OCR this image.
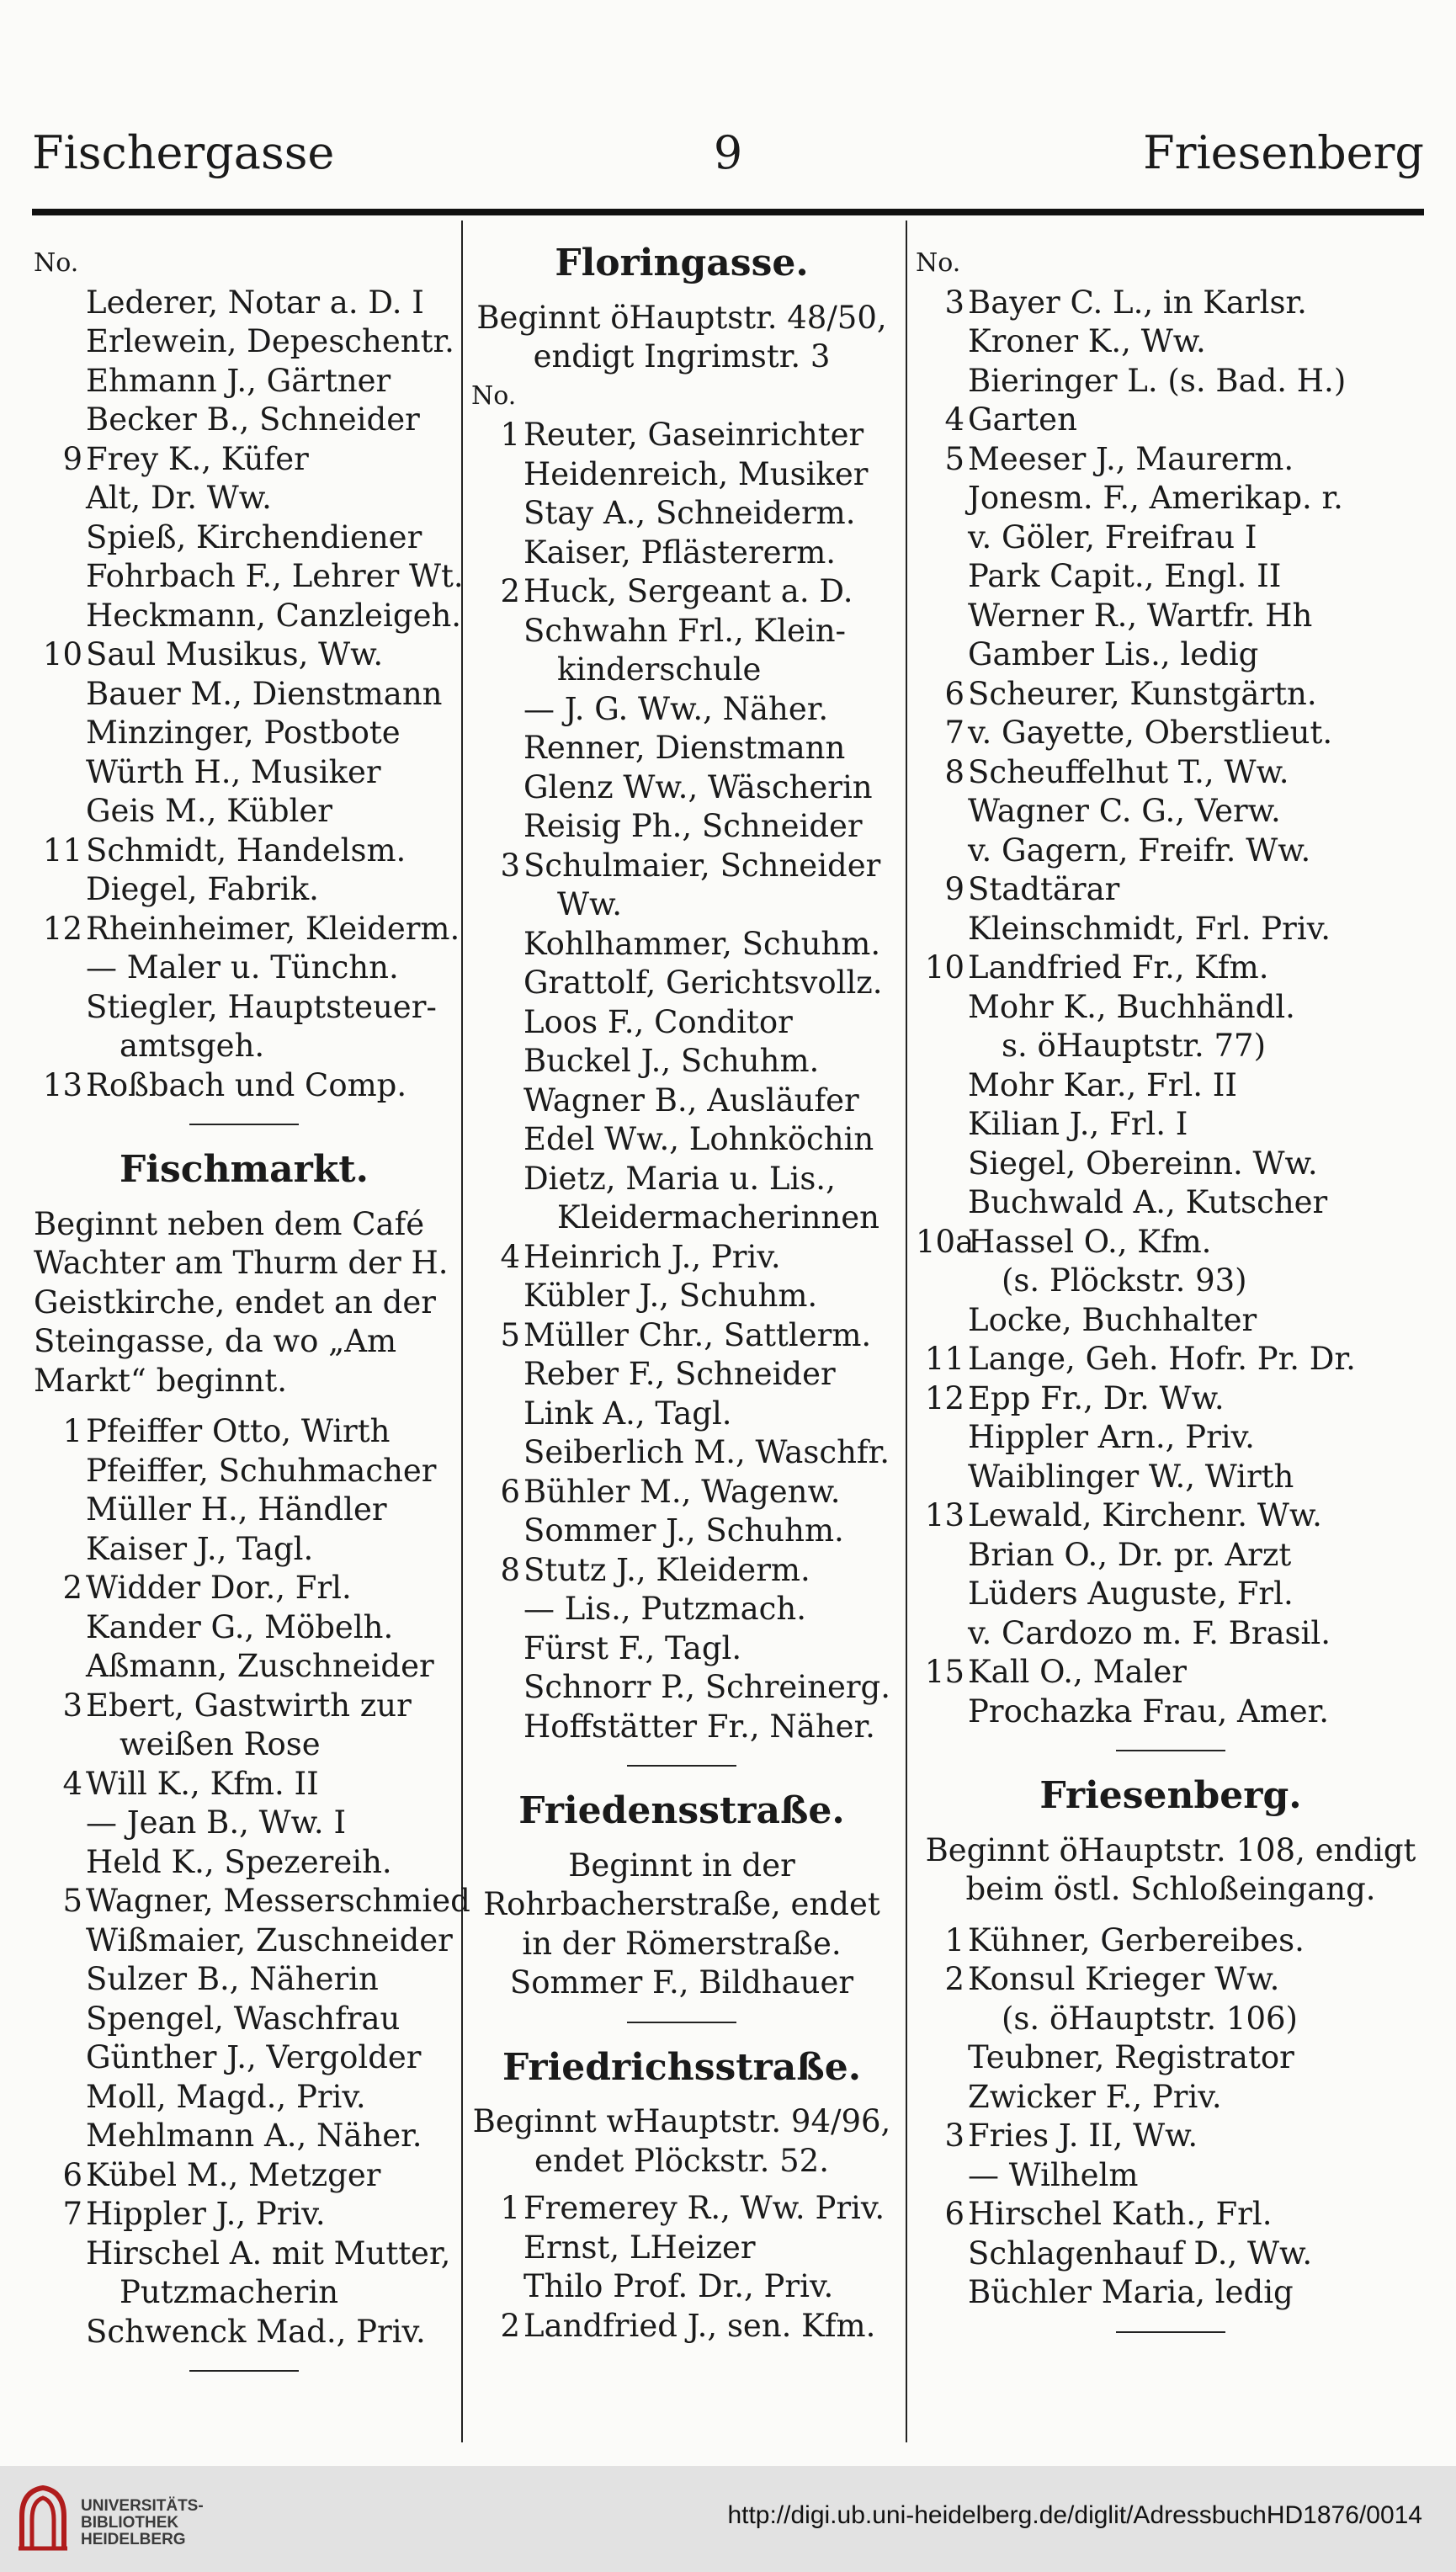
Fischergasse	9	Friesenberg
No.
Lederer, Notar a. D. I
Erlewein, Depeschentr.
Ehmann J., Gärtner
Becker B., Schneider
9 Frey K., Küfer
Alt, Dr. Ww.
Spieß, Kirchendiener
Fohrbach F., Lehrer Wt.
Heckmann, Canzleigeh.
10 Saul Musikus, Ww.
Bauer M., Dienstmann
Minzinger, Postbote
Würth H., Musiker
Geis M., Kübler
11 Schmidt, Handelsm.
Diegel, Fabrik.
12 Rheinheimer, Kleiderm.
— Maler u. Tünchn.
Stiegler, Hauptsteuer-
amtsgeh.
13 Roßbach und Comp.
Fischmarkt.
Beginnt neben dem Café Wachter am Thurm der H. Geistkirche, endet an der Steingasse, da wo „Am Markt“ beginnt.
1 Pfeiffer Otto, Wirth
Pfeiffer, Schuhmacher
Müller H., Händler
Kaiser J., Tagl.
2 Widder Dor., Frl.
Kander G., Möbelh.
Aßmann, Zuschneider
3 Ebert, Gastwirth zur
weißen Rose
4 Will K., Kfm. II
— Jean B., Ww. I
Held K., Spezereih.
5 Wagner, Messerschmied
Wißmaier, Zuschneider
Sulzer B., Näherin
Spengel, Waschfrau
Günther J., Vergolder
Moll, Magd., Priv.
Mehlmann A., Näher.
6 Kübel M., Metzger
7 Hippler J., Priv.
Hirschel A. mit Mutter,
Putzmacherin
Schwenck Mad., Priv.
Floringasse.
Beginnt öHauptstr. 48/50, endigt Ingrimstr. 3
No.
1 Reuter, Gaseinrichter
Heidenreich, Musiker
Stay A., Schneiderm.
Kaiser, Pflästererm.
2 Huck, Sergeant a. D.
Schwahn Frl., Klein-
kinderschule
— J. G. Ww., Näher.
Renner, Dienstmann
Glenz Ww., Wäscherin
Reisig Ph., Schneider
3 Schulmaier, Schneider
Ww.
Kohlhammer, Schuhm.
Grattolf, Gerichtsvollz.
Loos F., Conditor
Buckel J., Schuhm.
Wagner B., Ausläufer
Edel Ww., Lohnköchin
Dietz, Maria u. Lis.,
Kleidermacherinnen
4 Heinrich J., Priv.
Kübler J., Schuhm.
5 Müller Chr., Sattlerm.
Reber F., Schneider
Link A., Tagl.
Seiberlich M., Waschfr.
6 Bühler M., Wagenw.
Sommer J., Schuhm.
8 Stutz J., Kleiderm.
— Lis., Putzmach.
Fürst F., Tagl.
Schnorr P., Schreinerg.
Hoffstätter Fr., Näher.
Friedensstraße.
Beginnt in der Rohrbacherstraße, endet in der Römerstraße.
Sommer F., Bildhauer
Friedrichsstraße.
Beginnt wHauptstr. 94/96, endet Plöckstr. 52.
1 Fremerey R., Ww. Priv.
Ernst, LHeizer
Thilo Prof. Dr., Priv.
2 Landfried J., sen. Kfm.
No.
3 Bayer C. L., in Karlsr.
Kroner K., Ww.
Bieringer L. (s. Bad. H.)
4 Garten
5 Meeser J., Maurerm.
Jonesm. F., Amerikap. r.
v. Göler, Freifrau I
Park Capit., Engl. II
Werner R., Wartfr. Hh
Gamber Lis., ledig
6 Scheurer, Kunstgärtn.
7 v. Gayette, Oberstlieut.
8 Scheuffelhut T., Ww.
Wagner C. G., Verw.
v. Gagern, Freifr. Ww.
9 Stadtärar
Kleinschmidt, Frl. Priv.
10 Landfried Fr., Kfm.
Mohr K., Buchhändl.
s. öHauptstr. 77)
Mohr Kar., Frl. II
Kilian J., Frl. I
Siegel, Obereinn. Ww.
Buchwald A., Kutscher
10aHassel O., Kfm.
(s. Plöckstr. 93)
Locke, Buchhalter
11 Lange, Geh. Hofr. Pr. Dr.
12 Epp Fr., Dr. Ww.
Hippler Arn., Priv.
Waiblinger W., Wirth
13 Lewald, Kirchenr. Ww.
Brian O., Dr. pr. Arzt
Lüders Auguste, Frl.
v. Cardozo m. F. Brasil.
15 Kall O., Maler
Prochazka Frau, Amer.
Friesenberg.
Beginnt öHauptstr. 108, endigt beim östl. Schloßeingang.
1 Kühner, Gerbereibes.
2 Konsul Krieger Ww.
(s. öHauptstr. 106)
Teubner, Registrator
Zwicker F., Priv.
3 Fries J. II, Ww.
— Wilhelm
6 Hirschel Kath., Frl.
Schlagenhauf D., Ww.
Büchler Maria, ledig
UNIVERSITÄTS-
BIBLIOTHEK
HEIDELBERG
http://digi.ub.uni-heidelberg.de/diglit/AdressbuchHD1876/0014
